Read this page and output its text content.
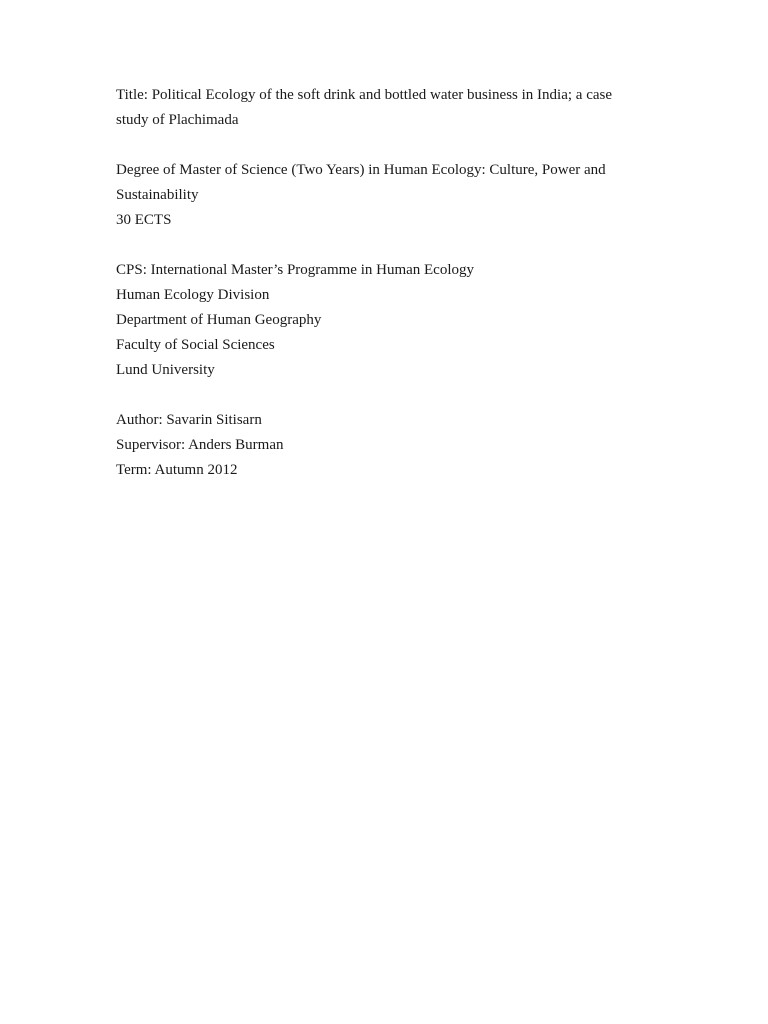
Title: Political Ecology of the soft drink and bottled water business in India; a case
study of Plachimada
Degree of Master of Science (Two Years) in Human Ecology: Culture, Power and
Sustainability
30 ECTS
CPS: International Master’s Programme in Human Ecology
Human Ecology Division
Department of Human Geography
Faculty of Social Sciences
Lund University
Author: Savarin Sitisarn
Supervisor: Anders Burman
Term: Autumn 2012
